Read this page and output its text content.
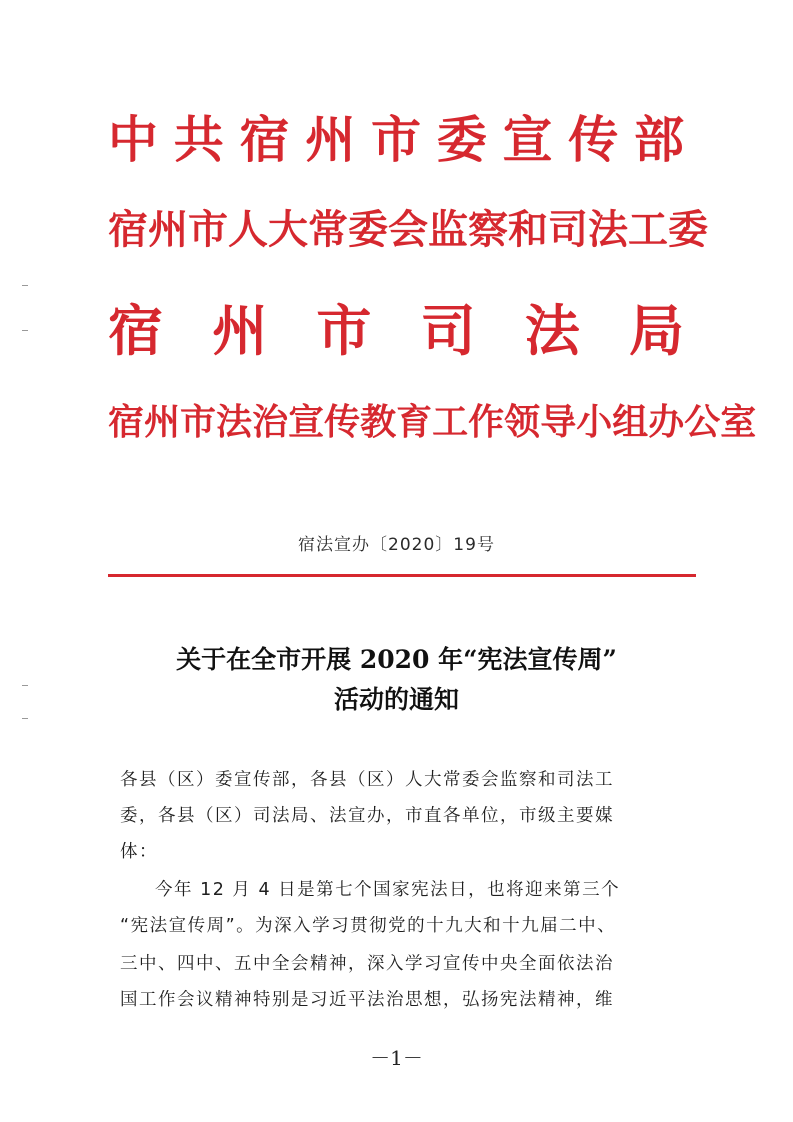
中 共 宿 州 市 委 宣 传 部
宿 州 市 人 大 常 委 会 监 察 和 司 法 工 委
宿 州 市 司 法 局
宿 州 市 法 治 宣 传 教 育 工 作 领 导 小 组 办 公 室
宿法宣办〔2020〕19号
关于在全市开展 2020 年“宪法宣传周”
活动的通知
各县（区）委宣传部，各县（区）人大常委会监察和司法工
委，各县（区）司法局、法宣办，市直各单位，市级主要媒
体：
今年 12 月 4 日是第七个国家宪法日，也将迎来第三个
“宪法宣传周”。为深入学习贯彻党的十九大和十九届二中、
三中、四中、五中全会精神，深入学习宣传中央全面依法治
国工作会议精神特别是习近平法治思想，弘扬宪法精神，维
－1－
